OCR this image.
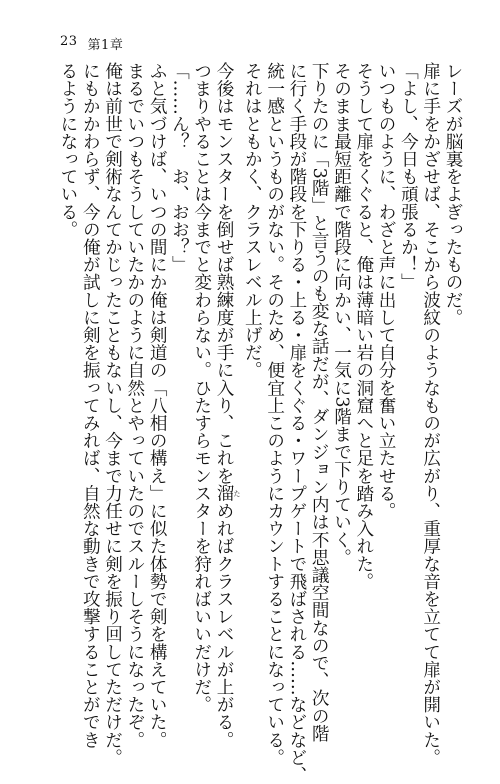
23 第1章
レーズが脳裏をよぎったものだ。
扉に手をかざせば、そこから波紋のようなものが広がり、重厚な音を立てて扉が開いた。
「よし、今日も頑張るか！」
いつものように、わざと声に出して自分を奮い立たせる。
そうして扉をくぐると、俺は薄暗い岩の洞窟へと足を踏み入れた。
そのまま最短距離で階段に向かい、一気に3階まで下りていく。
下りたのに「3階」と言うのも変な話だが、ダンジョン内は不思議空間なので、次の階
に行く手段が階段を下りる・上る・扉をくぐる・ワープゲートで飛ばされる……などなど、
統一感というものがない。そのため、便宜上このようにカウントすることになっている。
それはともかく、クラスレベル上げだ。
今後はモンスターを倒せば熟練度が手に入り、これを溜 ためればクラスレベルが上がる。
つまりやることは今までと変わらない。ひたすらモンスターを狩ればいいだけだ。
「……ん？　お、おお？」
ふと気づけば、いつの間にか俺は剣道の「八相の構え」に似た体勢で剣を構えていた。
まるでいつもそうしていたかのように自然とやっていたのでスルーしそうになったぞ。
俺は前世で剣術なんてかじったこともないし、今まで力任せに剣を振り回してただけだ。
にもかかわらず、今の俺が試しに剣を振ってみれば、自然な動きで攻撃することができ
るようになっている。
